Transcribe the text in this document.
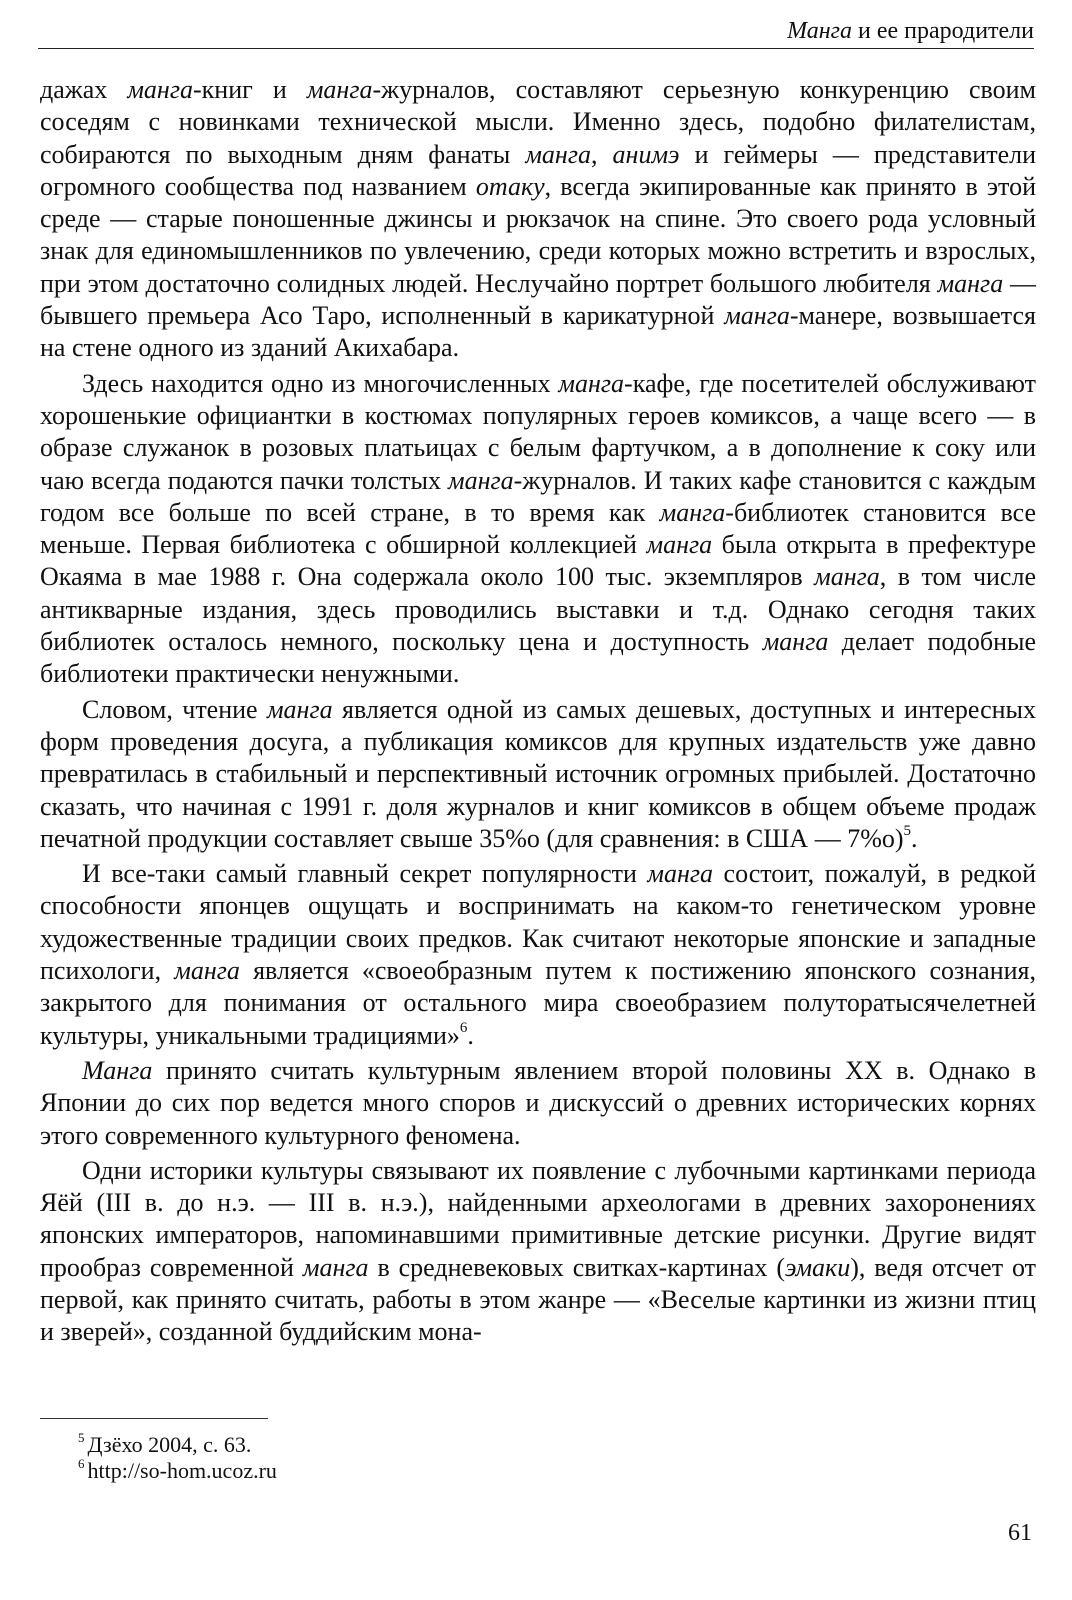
Манга и ее прародители

дажах манга-книг и манга-журналов, составляют серьезную конкуренцию своим соседям с новинками технической мысли. Именно здесь, подобно филателистам, собираются по выходным дням фанаты манга, анимэ и геймеры — представители огромного сообщества под названием отаку, всегда экипированные как принято в этой среде — старые поношенные джинсы и рюкзачок на спине. Это своего рода условный знак для единомышленников по увлечению, среди которых можно встретить и взрослых, при этом достаточно солидных людей. Неслучайно портрет большого любителя манга — бывшего премьера Асо Таро, исполненный в карикатурной манга-манере, возвышается на стене одного из зданий Акихабара.

Здесь находится одно из многочисленных манга-кафе, где посетителей обслуживают хорошенькие официантки в костюмах популярных героев комиксов, а чаще всего — в образе служанок в розовых платьицах с белым фартучком, а в дополнение к соку или чаю всегда подаются пачки толстых манга-журналов. И таких кафе становится с каждым годом все больше по всей стране, в то время как манга-библиотек становится все меньше. Первая библиотека с обширной коллекцией манга была открыта в префектуре Окаяма в мае 1988 г. Она содержала около 100 тыс. экземпляров манга, в том числе антикварные издания, здесь проводились выставки и т.д. Однако сегодня таких библиотек осталось немного, поскольку цена и доступность манга делает подобные библиотеки практически ненужными.

Словом, чтение манга является одной из самых дешевых, доступных и интересных форм проведения досуга, а публикация комиксов для крупных издательств уже давно превратилась в стабильный и перспективный источник огромных прибылей. Достаточно сказать, что начиная с 1991 г. доля журналов и книг комиксов в общем объеме продаж печатной продукции составляет свыше 35%o (для сравнения: в США — 7%o)$^5$.

И все-таки самый главный секрет популярности манга состоит, пожалуй, в редкой способности японцев ощущать и воспринимать на каком-то генетическом уровне художественные традиции своих предков. Как считают некоторые японские и западные психологи, манга является «своеобразным путем к постижению японского сознания, закрытого для понимания от остального мира своеобразием полуторатысячелетней культуры, уникальными традициями»$^6$.

Манга принято считать культурным явлением второй половины XX в. Однако в Японии до сих пор ведется много споров и дискуссий о древних исторических корнях этого современного культурного феномена.

Одни историки культуры связывают их появление с лубочными картинками периода Яёй (III в. до н.э. — III в. н.э.), найденными археологами в древних захоронениях японских императоров, напоминавшими примитивные детские рисунки. Другие видят прообраз современной манга в средневековых свитках-картинах (эмаки), ведя отсчет от первой, как принято считать, работы в этом жанре — «Веселые картинки из жизни птиц и зверей», созданной буддийским мона-

$^5$ Дзёхо 2004, с. 63.
$^6$ http://so-hom.ucoz.ru
61
